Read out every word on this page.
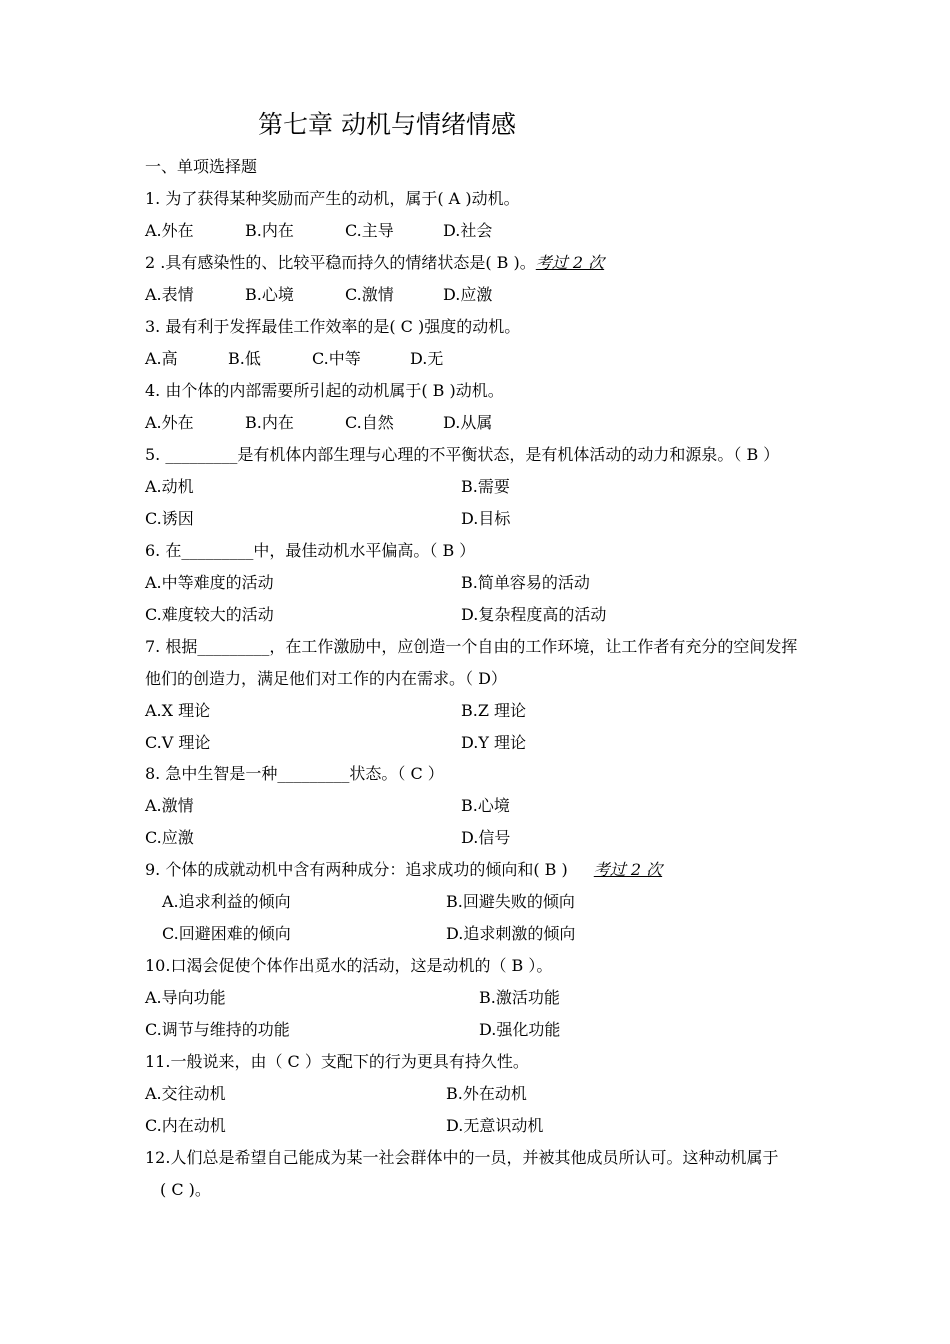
第七章 动机与情绪情感
一、单项选择题
1. 为了获得某种奖励而产生的动机，属于( A )动机。
A.外在	B.内在	C.主导	D.社会
2 .具有感染性的、比较平稳而持久的情绪状态是( B )。考过 2 次
A.表情	B.心境	C.激情	D.应激
3. 最有利于发挥最佳工作效率的是( C )强度的动机。
A.高	B.低	C.中等	D.无
4. 由个体的内部需要所引起的动机属于( B )动机。
A.外在	B.内在	C.自然	D.从属
5. _________是有机体内部生理与心理的不平衡状态，是有机体活动的动力和源泉。（ B ）
A.动机	B.需要
C.诱因	D.目标
6. 在_________中，最佳动机水平偏高。（ B ）
A.中等难度的活动	B.简单容易的活动
C.难度较大的活动	D.复杂程度高的活动
7. 根据_________，在工作激励中，应创造一个自由的工作环境，让工作者有充分的空间发挥他们的创造力，满足他们对工作的内在需求。（ D）
A.X 理论	B.Z 理论
C.V 理论	D.Y 理论
8. 急中生智是一种_________状态。（ C ）
A.激情	B.心境
C.应激	D.信号
9. 个体的成就动机中含有两种成分：追求成功的倾向和( B ) 考过 2 次
A.追求利益的倾向	B.回避失败的倾向
C.回避困难的倾向	D.追求刺激的倾向
10.口渴会促使个体作出觅水的活动，这是动机的（ B ）。
A.导向功能	B.激活功能
C.调节与维持的功能	D.强化功能
11.一般说来，由（ C ）支配下的行为更具有持久性。
A.交往动机	B.外在动机
C.内在动机	D.无意识动机
12.人们总是希望自己能成为某一社会群体中的一员，并被其他成员所认可。这种动机属于
( C )。
